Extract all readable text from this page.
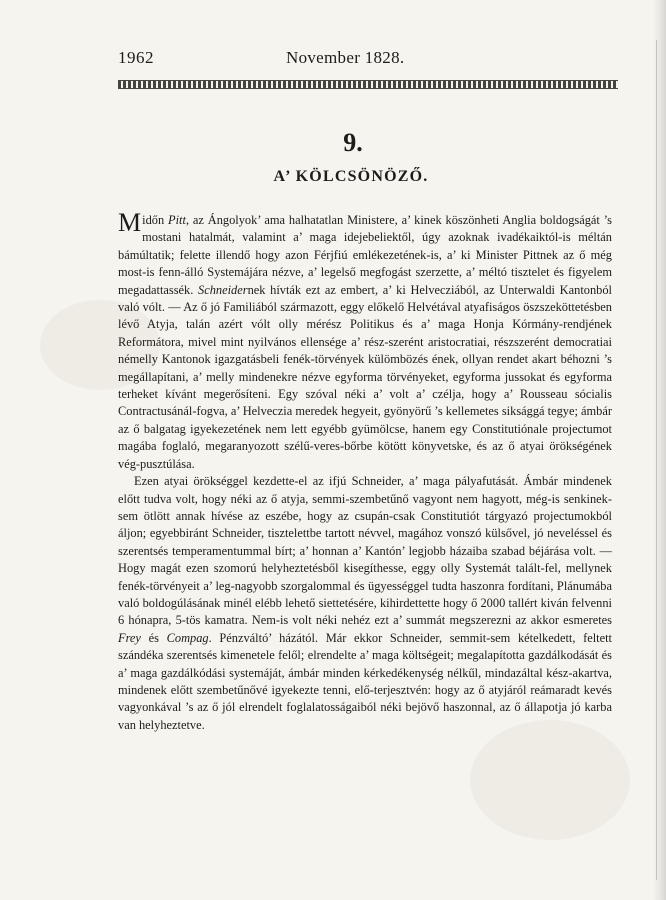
1962	November 1828.
9.
A’ KÖLCSÖNÖZŐ.

Midőn Pitt, az Ángolyok’ ama halhatatlan Ministere, a’ kinek köszönheti Anglia boldogságát ’s mostani hatalmát, valamint a’ maga idejebeliektől, úgy azoknak ivadékaiktól-is méltán bámúltatik; felette illendő hogy azon Férjfiú emlékezetének-is, a’ ki Minister Pittnek az ő még most-is fenn-álló Systemájára nézve, a’ legelső megfogást szerzette, a’ méltó tisztelet és figyelem megadattassék. Schneidernek hívták ezt az embert, a’ ki Helvecziából, az Unterwaldi Kantonból való vólt. — Az ő jó Familiából származott, eggy előkelő Helvétával atyafiságos öszszeköttetésben lévő Atyja, talán azért vólt olly mérész Politikus és a’ maga Honja Kórmány-rendjének Reformátora, mivel mint nyilvános ellensége a’ rész-szerént aristocratiai, részszerént democratiai némelly Kantonok igazgatásbeli fenék-törvények külömbözés ének, ollyan rendet akart béhozni ’s megállapítani, a’ melly mindenekre nézve egyforma törvényeket, egyforma jussokat és egyforma terheket kívánt megerősíteni. Egy szóval néki a’ volt a’ czélja, hogy a’ Rousseau sócialis Contractusánál-fogva, a’ Helveczia meredek hegyeit, gyönyörű ’s kellemetes siksággá tegye; ámbár az ő balgatag igyekezetének nem lett egyébb gyümölcse, hanem egy Constitutiónale projectumot magába foglaló, megaranyozott szélű-veres-bőrbe kötött könyvetske, és az ő atyai örökségének vég-pusztúlása.

Ezen atyai örökséggel kezdette-el az ifjú Schneider, a’ maga pályafutását. Ámbár mindenek előtt tudva volt, hogy néki az ő atyja, semmi-szembetűnő vagyont nem hagyott, még-is senkinek-sem ötlött annak hívése az eszébe, hogy az csupán-csak Constitutiót tárgyazó projectumokból áljon; egyebbiránt Schneider, tisztelettbe tartott névvel, magához vonszó külsővel, jó neveléssel és szerentsés temperamentummal bírt; a’ honnan a’ Kantón’ legjobb házaiba szabad béjárása volt. — Hogy magát ezen szomorú helyheztetésből kisegíthesse, eggy olly Systemát talált-fel, mellynek fenék-törvényeit a’ leg-nagyobb szorgalommal és ügyességgel tudta haszonra fordítani, Plánumába való boldogúlásának minél elébb lehető siettetésére, kihirdettette hogy ő 2000 tallért kiván felvenni 6 hónapra, 5-tös kamatra. Nem-is volt néki nehéz ezt a’ summát megszerezni az akkor esmeretes Frey és Compag. Pénzváltó’ házától. Már ekkor Schneider, semmit-sem kételkedett, feltett szándéka szerentsés kimenetele felől; elrendelte a’ maga költségeit; megalapította gazdálkodását és a’ maga gazdálkódási systemáját, ámbár minden kérkedékenység nélkűl, mindazáltal kész-akartva, mindenek előtt szembetűnővé igyekezte tenni, elő-terjesztvén: hogy az ő atyjáról reámaradt kevés vagyonkával ’s az ő jól elrendelt foglalatosságaiból néki bejövő haszonnal, az ő állapotja jó karba van helyheztetve.
